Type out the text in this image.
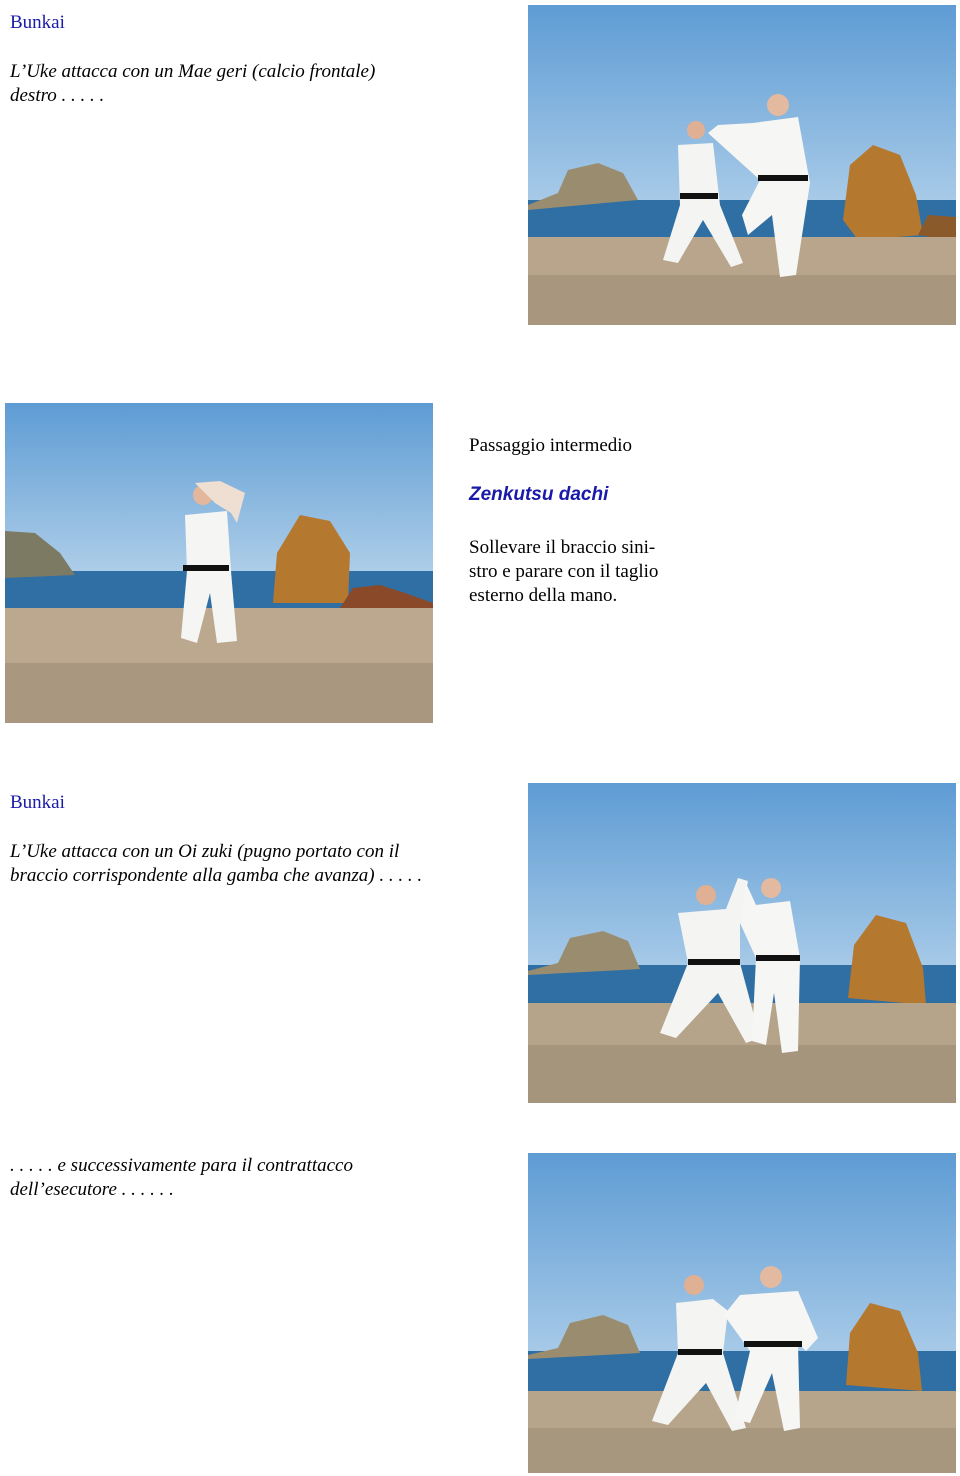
Bunkai
L’Uke attacca con un Mae geri (calcio frontale)
destro . . . . .
Passaggio intermedio
Zenkutsu dachi
Sollevare il braccio sini-
stro e parare con il taglio
esterno della mano.
Bunkai
L’Uke attacca con un Oi zuki (pugno portato con il
braccio corrispondente alla gamba che avanza) . . . . .
. . . . . e successivamente para il contrattacco
dell’esecutore . . . . . .
